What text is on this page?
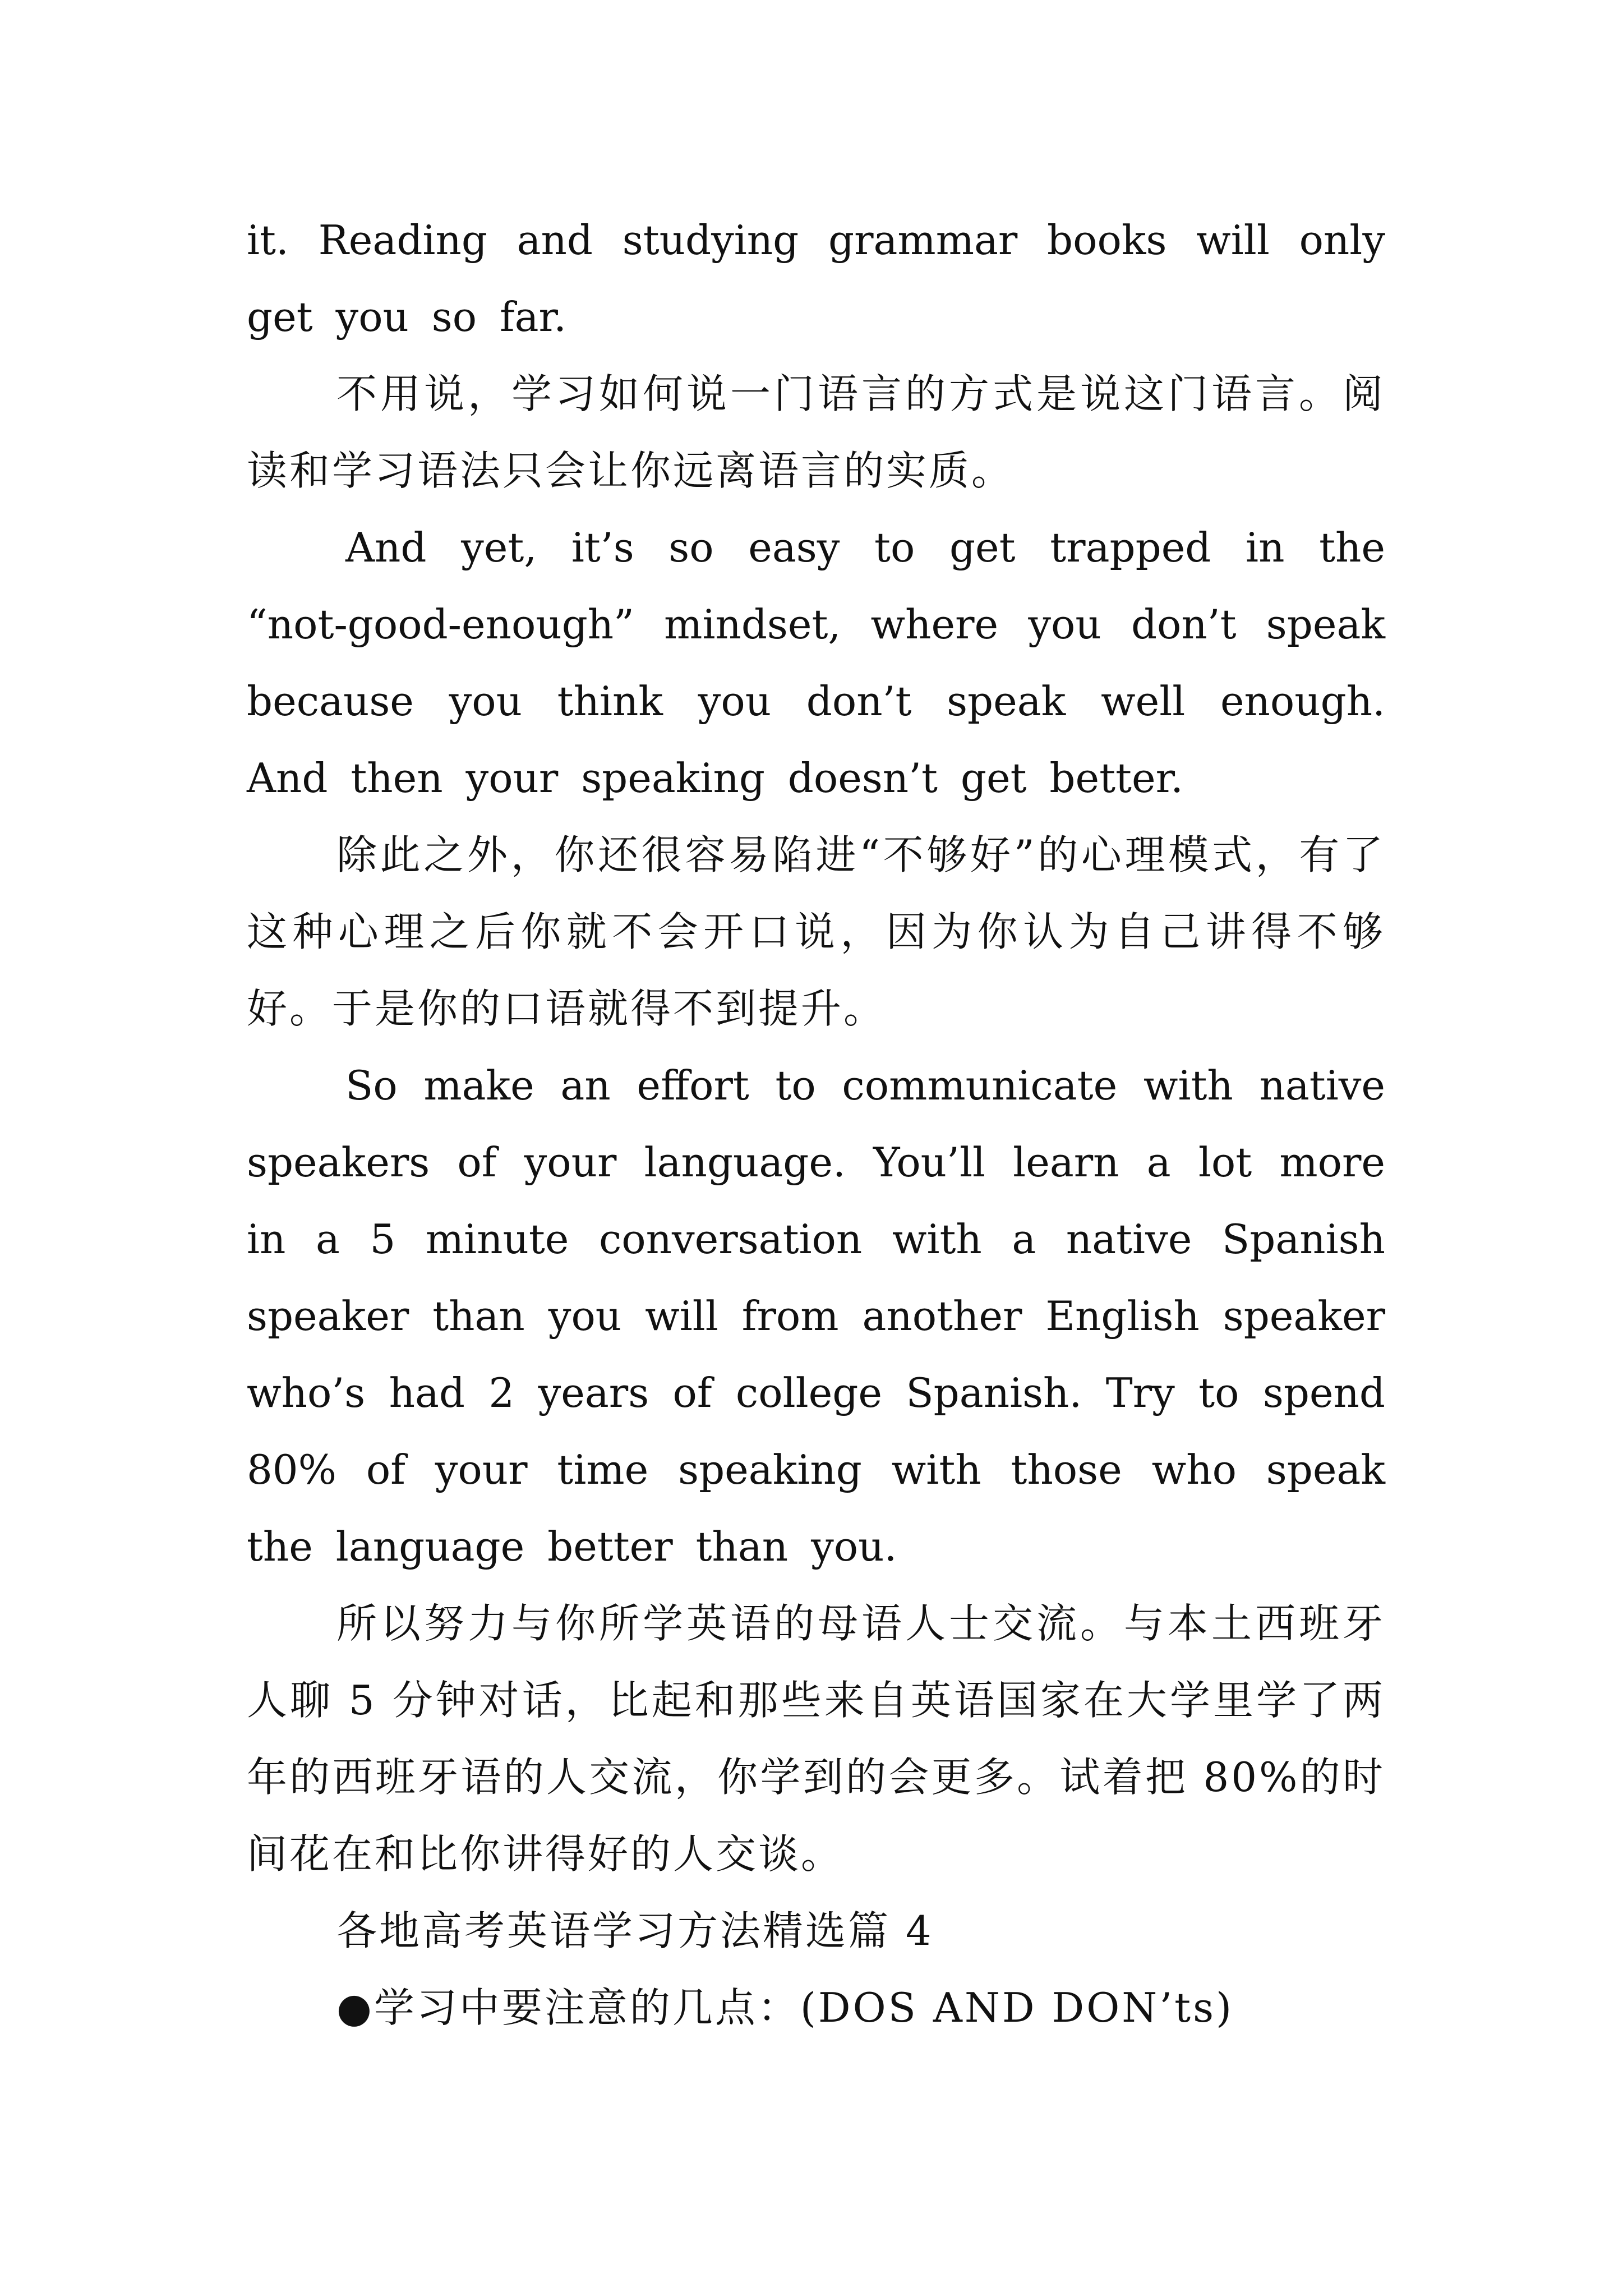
it. Reading and studying grammar books will only get you so far.

不用说，学习如何说一门语言的方式是说这门语言。阅读和学习语法只会让你远离语言的实质。

And yet, it’s so easy to get trapped in the “not-good-enough” mindset, where you don’t speak because you think you don’t speak well enough. And then your speaking doesn’t get better.

除此之外，你还很容易陷进“不够好”的心理模式，有了这种心理之后你就不会开口说，因为你认为自己讲得不够好。于是你的口语就得不到提升。

So make an effort to communicate with native speakers of your language. You’ll learn a lot more in a 5 minute conversation with a native Spanish speaker than you will from another English speaker who’s had 2 years of college Spanish. Try to spend 80% of your time speaking with those who speak the language better than you.

所以努力与你所学英语的母语人士交流。与本土西班牙人聊 5 分钟对话，比起和那些来自英语国家在大学里学了两年的西班牙语的人交流，你学到的会更多。试着把 80%的时间花在和比你讲得好的人交谈。

各地高考英语学习方法精选篇 4

●学习中要注意的几点：(DOS AND DON’ts)
